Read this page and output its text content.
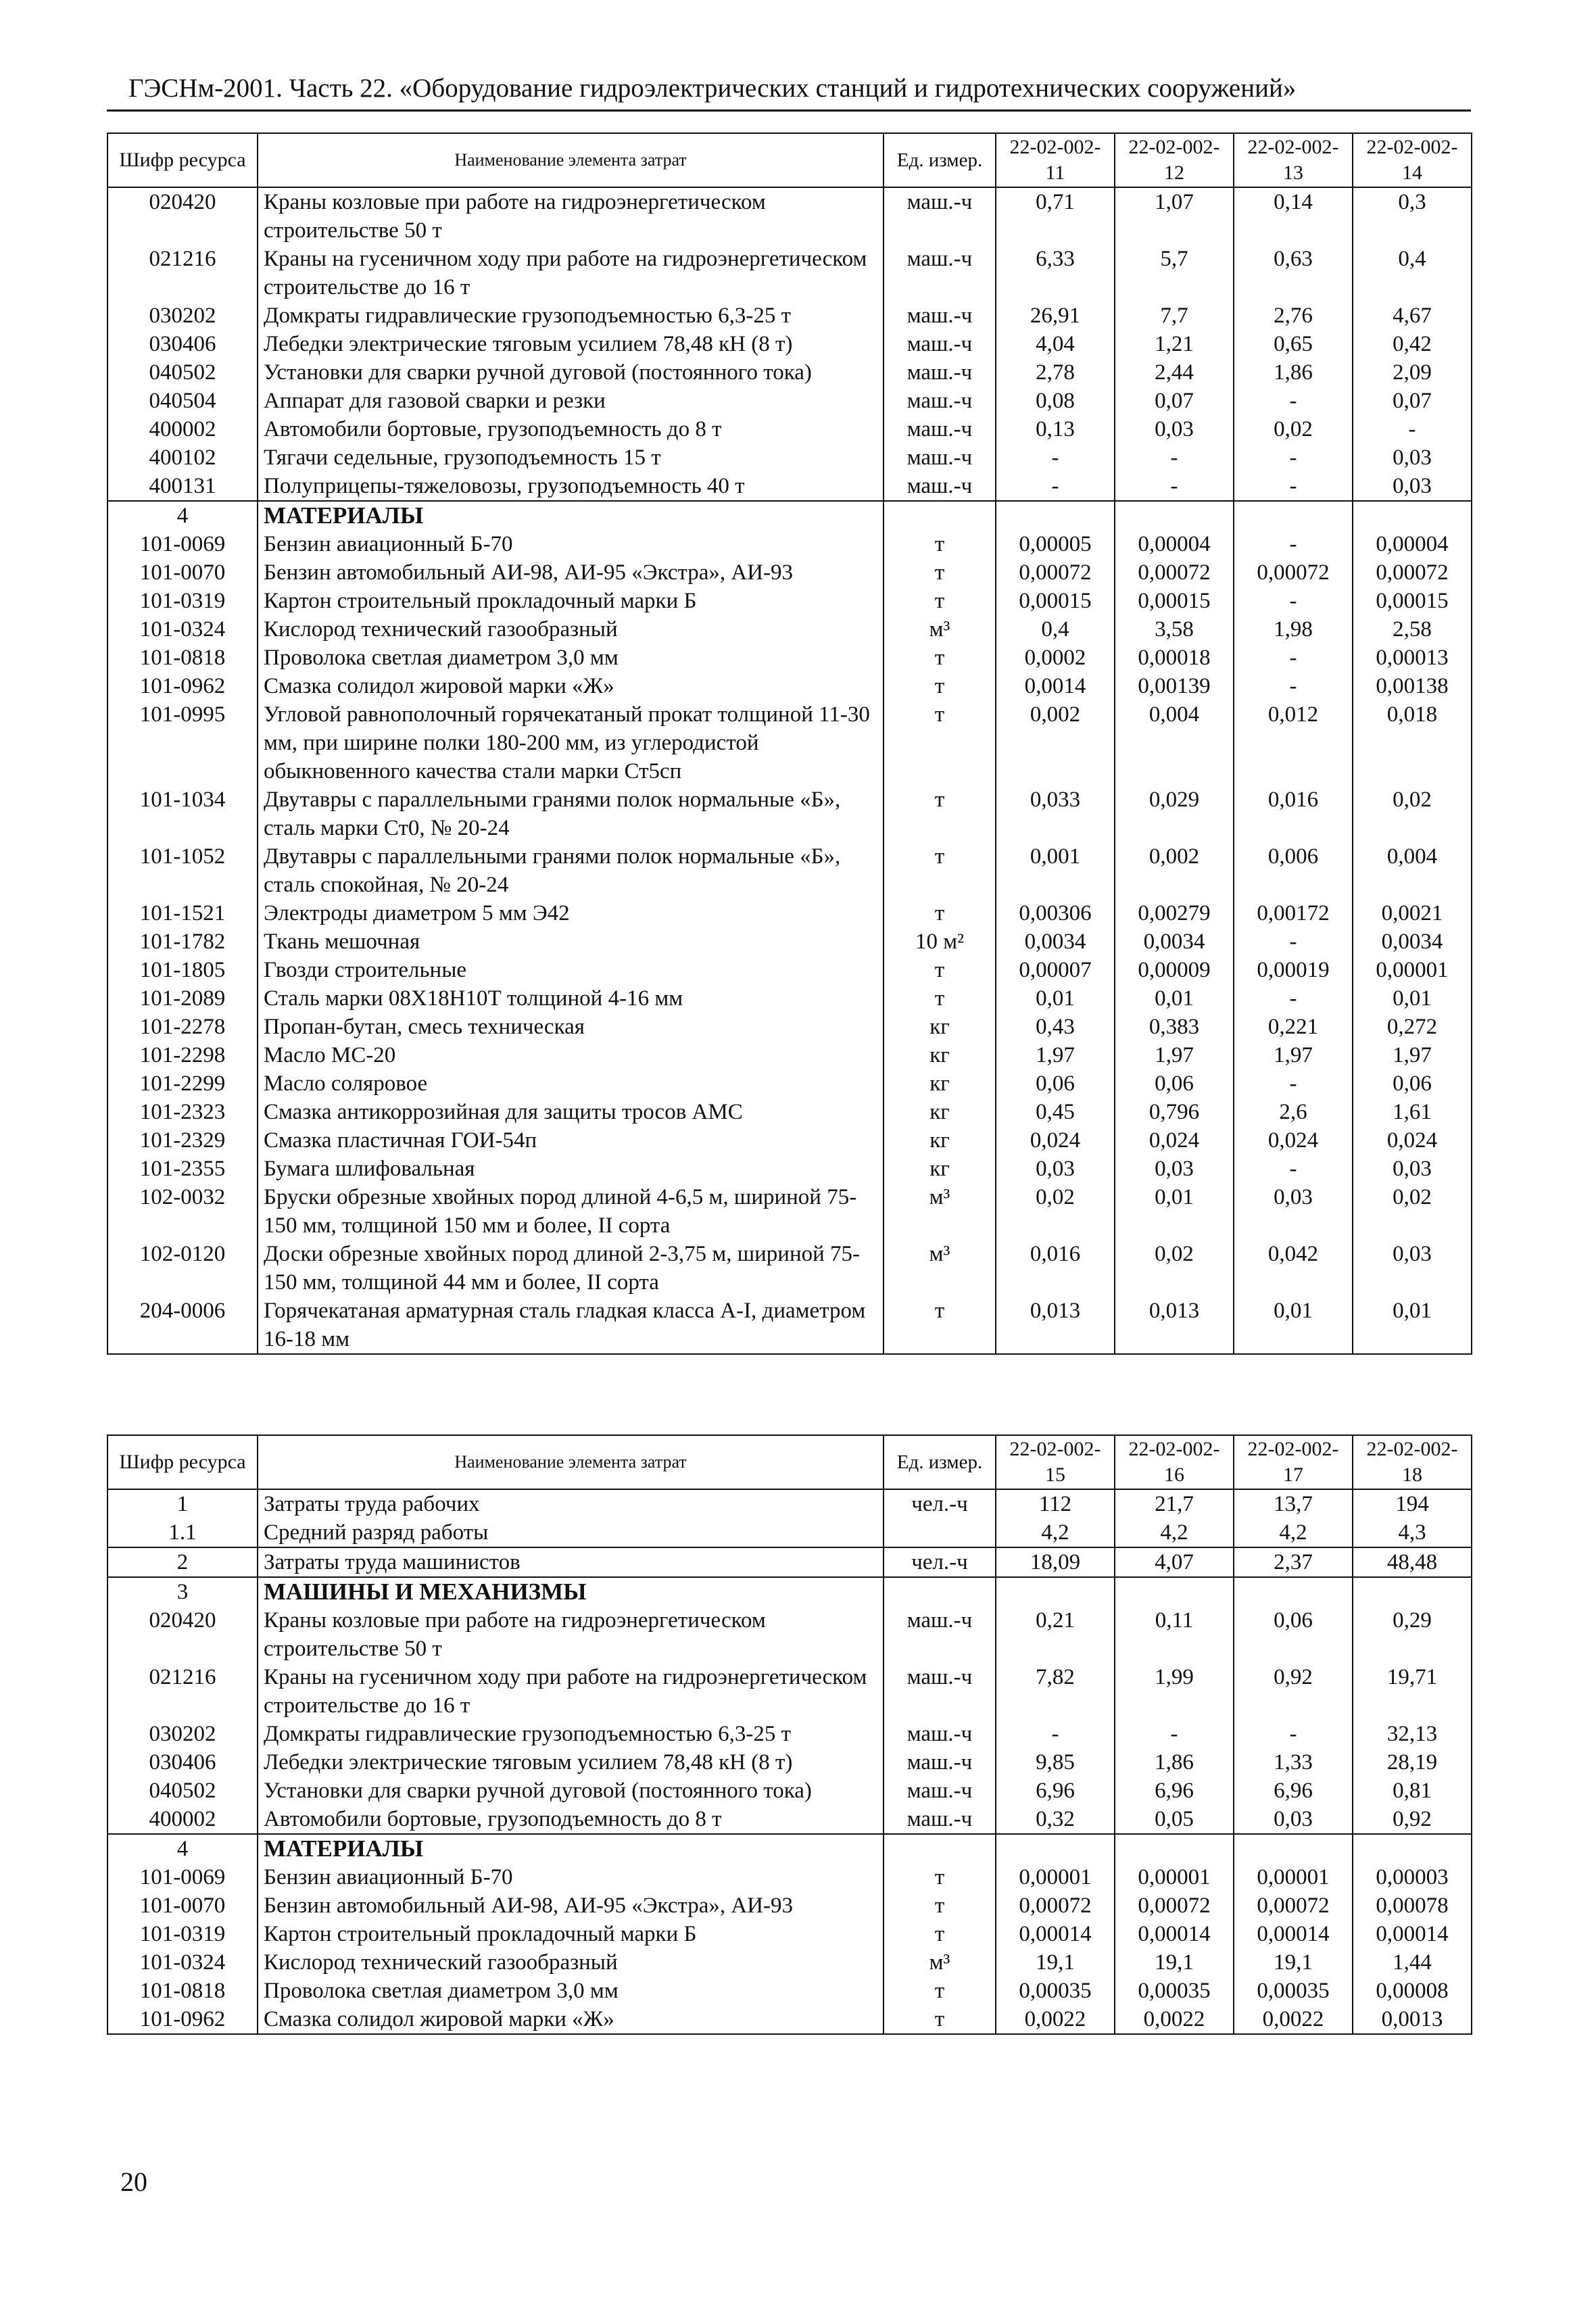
ГЭСНм-2001. Часть 22. «Оборудование гидроэлектрических станций и гидротехнических сооружений»
Шифр ресурса	Наименование элемента затрат	Ед. измер.	22-02-002-11	22-02-002-12	22-02-002-13	22-02-002-14
020420	Краны козловые при работе на гидроэнергетическом строительстве 50 т	маш.-ч	0,71	1,07	0,14	0,3
021216	Краны на гусеничном ходу при работе на гидроэнергетическом строительстве до 16 т	маш.-ч	6,33	5,7	0,63	0,4
030202	Домкраты гидравлические грузоподъемностью 6,3-25 т	маш.-ч	26,91	7,7	2,76	4,67
030406	Лебедки электрические тяговым усилием 78,48 кН (8 т)	маш.-ч	4,04	1,21	0,65	0,42
040502	Установки для сварки ручной дуговой (постоянного тока)	маш.-ч	2,78	2,44	1,86	2,09
040504	Аппарат для газовой сварки и резки	маш.-ч	0,08	0,07	-	0,07
400002	Автомобили бортовые, грузоподъемность до 8 т	маш.-ч	0,13	0,03	0,02	-
400102	Тягачи седельные, грузоподъемность 15 т	маш.-ч	-	-	-	0,03
400131	Полуприцепы-тяжеловозы, грузоподъемность 40 т	маш.-ч	-	-	-	0,03
4	МАТЕРИАЛЫ					
101-0069	Бензин авиационный Б-70	т	0,00005	0,00004	-	0,00004
101-0070	Бензин автомобильный АИ-98, АИ-95 «Экстра», АИ-93	т	0,00072	0,00072	0,00072	0,00072
101-0319	Картон строительный прокладочный марки Б	т	0,00015	0,00015	-	0,00015
101-0324	Кислород технический газообразный	м³	0,4	3,58	1,98	2,58
101-0818	Проволока светлая диаметром 3,0 мм	т	0,0002	0,00018	-	0,00013
101-0962	Смазка солидол жировой марки «Ж»	т	0,0014	0,00139	-	0,00138
101-0995	Угловой равнополочный горячекатаный прокат толщиной 11-30 мм, при ширине полки 180-200 мм, из углеродистой обыкновенного качества стали марки Ст5сп	т	0,002	0,004	0,012	0,018
101-1034	Двутавры с параллельными гранями полок нормальные «Б», сталь марки Ст0, № 20-24	т	0,033	0,029	0,016	0,02
101-1052	Двутавры с параллельными гранями полок нормальные «Б», сталь спокойная, № 20-24	т	0,001	0,002	0,006	0,004
101-1521	Электроды диаметром 5 мм Э42	т	0,00306	0,00279	0,00172	0,0021
101-1782	Ткань мешочная	10 м²	0,0034	0,0034	-	0,0034
101-1805	Гвозди строительные	т	0,00007	0,00009	0,00019	0,00001
101-2089	Сталь марки 08Х18Н10Т толщиной 4-16 мм	т	0,01	0,01	-	0,01
101-2278	Пропан-бутан, смесь техническая	кг	0,43	0,383	0,221	0,272
101-2298	Масло МС-20	кг	1,97	1,97	1,97	1,97
101-2299	Масло соляровое	кг	0,06	0,06	-	0,06
101-2323	Смазка антикоррозийная для защиты тросов АМС	кг	0,45	0,796	2,6	1,61
101-2329	Смазка пластичная ГОИ-54п	кг	0,024	0,024	0,024	0,024
101-2355	Бумага шлифовальная	кг	0,03	0,03	-	0,03
102-0032	Бруски обрезные хвойных пород длиной 4-6,5 м, шириной 75-150 мм, толщиной 150 мм и более, II сорта	м³	0,02	0,01	0,03	0,02
102-0120	Доски обрезные хвойных пород длиной 2-3,75 м, шириной 75-150 мм, толщиной 44 мм и более, II сорта	м³	0,016	0,02	0,042	0,03
204-0006	Горячекатаная арматурная сталь гладкая класса А-I, диаметром 16-18 мм	т	0,013	0,013	0,01	0,01
Шифр ресурса	Наименование элемента затрат	Ед. измер.	22-02-002-15	22-02-002-16	22-02-002-17	22-02-002-18
1	Затраты труда рабочих	чел.-ч	112	21,7	13,7	194
1.1	Средний разряд работы		4,2	4,2	4,2	4,3
2	Затраты труда машинистов	чел.-ч	18,09	4,07	2,37	48,48
3	МАШИНЫ И МЕХАНИЗМЫ					
020420	Краны козловые при работе на гидроэнергетическом строительстве 50 т	маш.-ч	0,21	0,11	0,06	0,29
021216	Краны на гусеничном ходу при работе на гидроэнергетическом строительстве до 16 т	маш.-ч	7,82	1,99	0,92	19,71
030202	Домкраты гидравлические грузоподъемностью 6,3-25 т	маш.-ч	-	-	-	32,13
030406	Лебедки электрические тяговым усилием 78,48 кН (8 т)	маш.-ч	9,85	1,86	1,33	28,19
040502	Установки для сварки ручной дуговой (постоянного тока)	маш.-ч	6,96	6,96	6,96	0,81
400002	Автомобили бортовые, грузоподъемность до 8 т	маш.-ч	0,32	0,05	0,03	0,92
4	МАТЕРИАЛЫ					
101-0069	Бензин авиационный Б-70	т	0,00001	0,00001	0,00001	0,00003
101-0070	Бензин автомобильный АИ-98, АИ-95 «Экстра», АИ-93	т	0,00072	0,00072	0,00072	0,00078
101-0319	Картон строительный прокладочный марки Б	т	0,00014	0,00014	0,00014	0,00014
101-0324	Кислород технический газообразный	м³	19,1	19,1	19,1	1,44
101-0818	Проволока светлая диаметром 3,0 мм	т	0,00035	0,00035	0,00035	0,00008
101-0962	Смазка солидол жировой марки «Ж»	т	0,0022	0,0022	0,0022	0,0013
20
